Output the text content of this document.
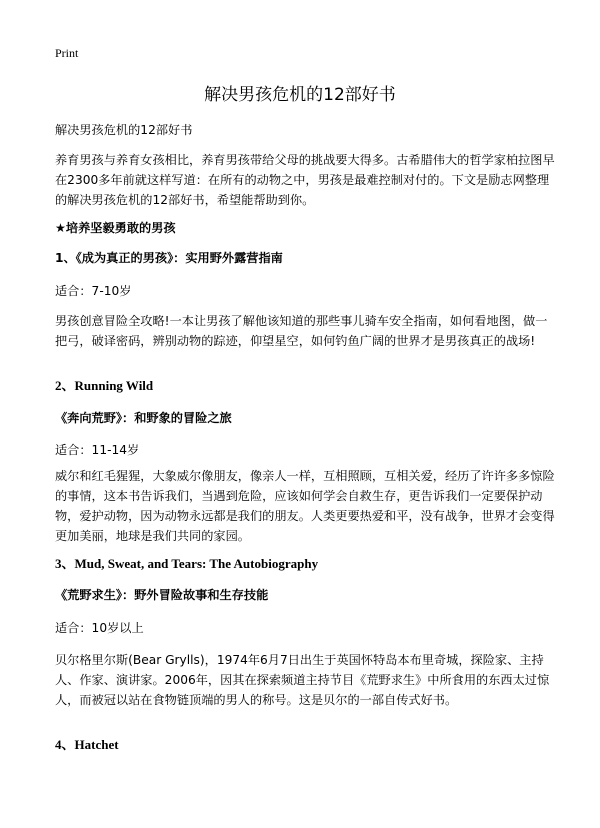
Print
解决男孩危机的12部好书
解决男孩危机的12部好书
养育男孩与养育女孩相比，养育男孩带给父母的挑战要大得多。古希腊伟大的哲学家柏拉图早在2300多年前就这样写道：在所有的动物之中，男孩是最难控制对付的。下文是励志网整理的解决男孩危机的12部好书，希望能帮助到你。
★培养坚毅勇敢的男孩
1、《成为真正的男孩》：实用野外露营指南
适合：7-10岁
男孩创意冒险全攻略!一本让男孩了解他该知道的那些事儿骑车安全指南，如何看地图，做一把弓，破译密码，辨别动物的踪迹，仰望星空，如何钓鱼广阔的世界才是男孩真正的战场!
2、Running Wild
《奔向荒野》：和野象的冒险之旅
适合：11-14岁
威尔和红毛猩猩，大象威尔像朋友，像亲人一样，互相照顾，互相关爱，经历了许许多多惊险的事情，这本书告诉我们，当遇到危险，应该如何学会自救生存，更告诉我们一定要保护动物，爱护动物，因为动物永远都是我们的朋友。人类更要热爱和平，没有战争，世界才会变得更加美丽，地球是我们共同的家园。
3、Mud, Sweat, and Tears: The Autobiography
《荒野求生》：野外冒险故事和生存技能
适合：10岁以上
贝尔格里尔斯(Bear Grylls)，1974年6月7日出生于英国怀特岛本布里奇城，探险家、主持人、作家、演讲家。2006年，因其在探索频道主持节目《荒野求生》中所食用的东西太过惊人，而被冠以站在食物链顶端的男人的称号。这是贝尔的一部自传式好书。
4、Hatchet
